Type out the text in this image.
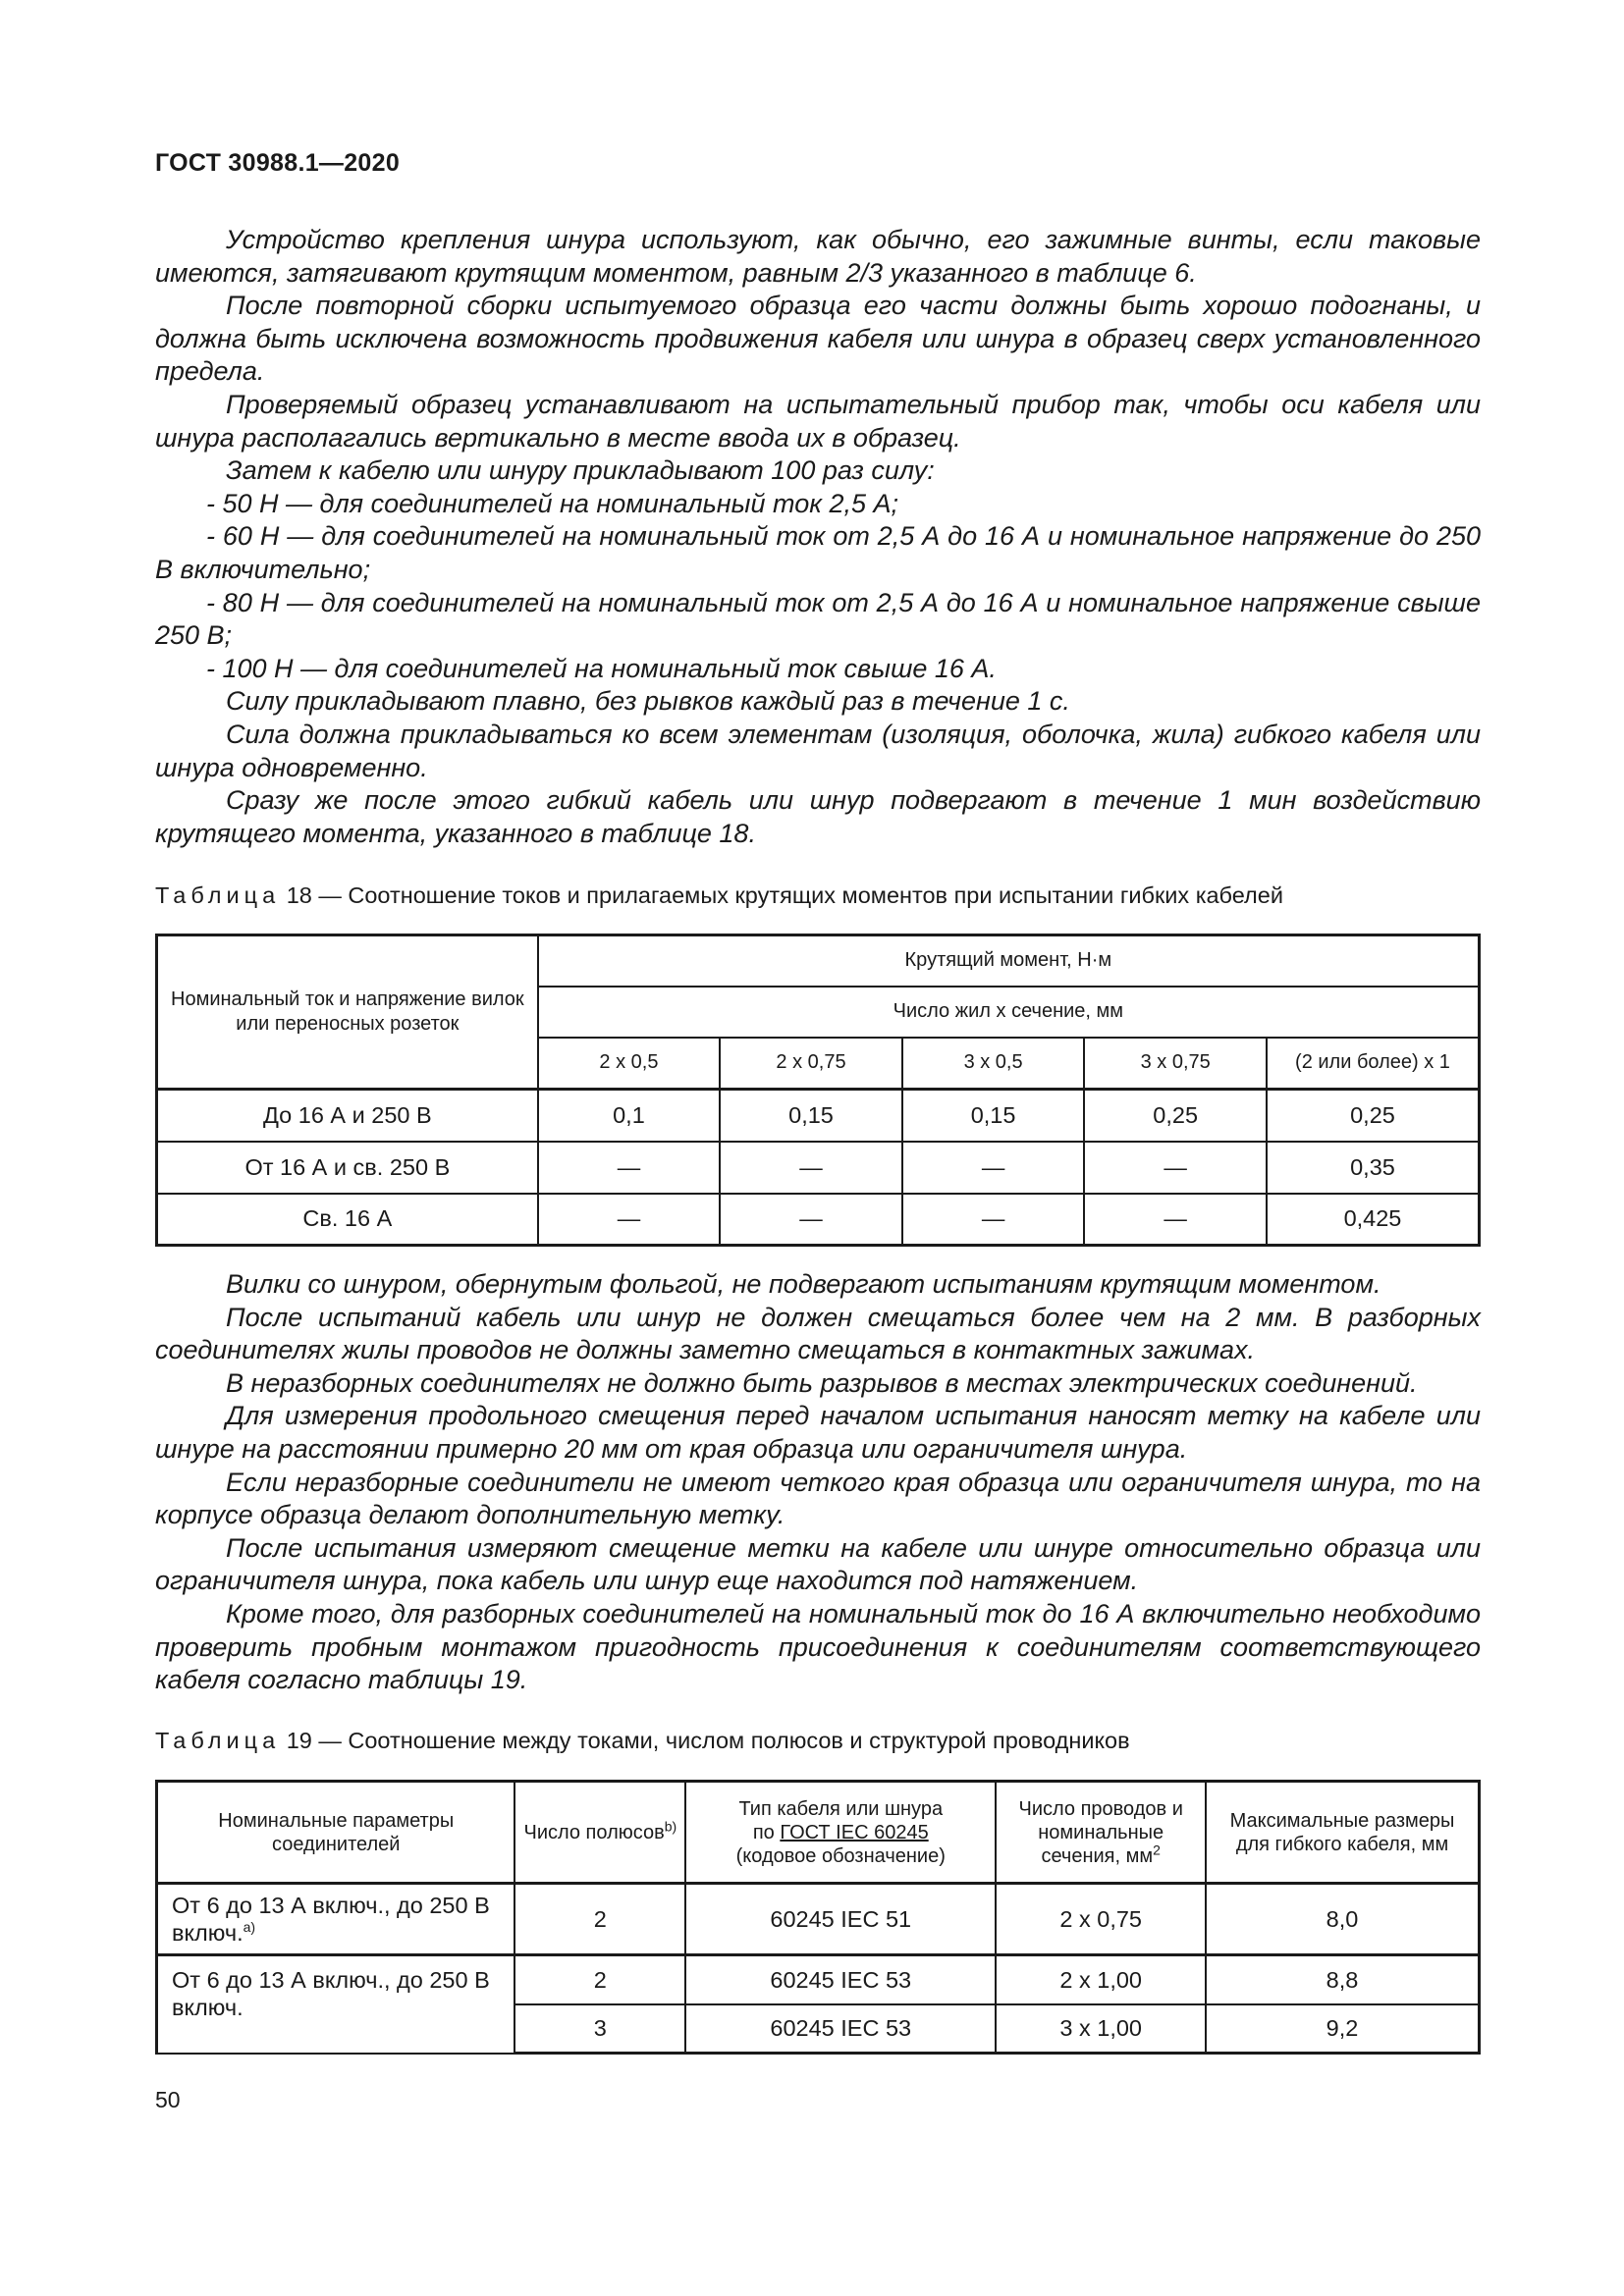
ГОСТ 30988.1—2020

Устройство крепления шнура используют, как обычно, его зажимные винты, если таковые имеются, затягивают крутящим моментом, равным 2/3 указанного в таблице 6.

После повторной сборки испытуемого образца его части должны быть хорошо подогнаны, и должна быть исключена возможность продвижения кабеля или шнура в образец сверх установленного предела.

Проверяемый образец устанавливают на испытательный прибор так, чтобы оси кабеля или шнура располагались вертикально в месте ввода их в образец.

Затем к кабелю или шнуру прикладывают 100 раз силу:

- 50 Н — для соединителей на номинальный ток 2,5 А;

- 60 Н — для соединителей на номинальный ток от 2,5 А до 16 А и номинальное напряжение до 250 В включительно;

- 80 Н — для соединителей на номинальный ток от 2,5 А до 16 А и номинальное напряжение свыше 250 В;

- 100 Н — для соединителей на номинальный ток свыше 16 А.

Силу прикладывают плавно, без рывков каждый раз в течение 1 с.

Сила должна прикладываться ко всем элементам (изоляция, оболочка, жила) гибкого кабеля или шнура одновременно.

Сразу же после этого гибкий кабель или шнур подвергают в течение 1 мин воздействию крутящего момента, указанного в таблице 18.

Таблица 18 — Соотношение токов и прилагаемых крутящих моментов при испытании гибких кабелей
Номинальный ток и напряжение вилок или переносных розеток	Крутящий момент, Н·м				
	Число жил х сечение, мм				
	2 х 0,5	2 х 0,75	3 х 0,5	3 х 0,75	(2 или более) х 1
До 16 А и 250 В	0,1	0,15	0,15	0,25	0,25
От 16 А и св. 250 В	—	—	—	—	0,35
Св. 16 А	—	—	—	—	0,425

Вилки со шнуром, обернутым фольгой, не подвергают испытаниям крутящим моментом.

После испытаний кабель или шнур не должен смещаться более чем на 2 мм. В разборных соединителях жилы проводов не должны заметно смещаться в контактных зажимах.

В неразборных соединителях не должно быть разрывов в местах электрических соединений.

Для измерения продольного смещения перед началом испытания наносят метку на кабеле или шнуре на расстоянии примерно 20 мм от края образца или ограничителя шнура.

Если неразборные соединители не имеют четкого края образца или ограничителя шнура, то на корпусе образца делают дополнительную метку.

После испытания измеряют смещение метки на кабеле или шнуре относительно образца или ограничителя шнура, пока кабель или шнур еще находится под натяжением.

Кроме того, для разборных соединителей на номинальный ток до 16 А включительно необходимо проверить пробным монтажом пригодность присоединения к соединителям соответствующего кабеля согласно таблицы 19.

Таблица 19 — Соотношение между токами, числом полюсов и структурой проводников
Номинальные параметры соединителей	Число полюсов$^{b)}$	Тип кабеля или шнура
по ГОСТ IEC 60245
(кодовое обозначение)	Число проводов и номинальные сечения, $мм^2$	Максимальные размеры для гибкого кабеля, мм
От 6 до 13 А включ., до 250 В включ.$^{a)}$	2	60245 IEC 51	2 х 0,75	8,0
От 6 до 13 А включ., до 250 В включ.	2	60245 IEC 53	2 х 1,00	8,8
	3	60245 IEC 53	3 х 1,00	9,2
50
